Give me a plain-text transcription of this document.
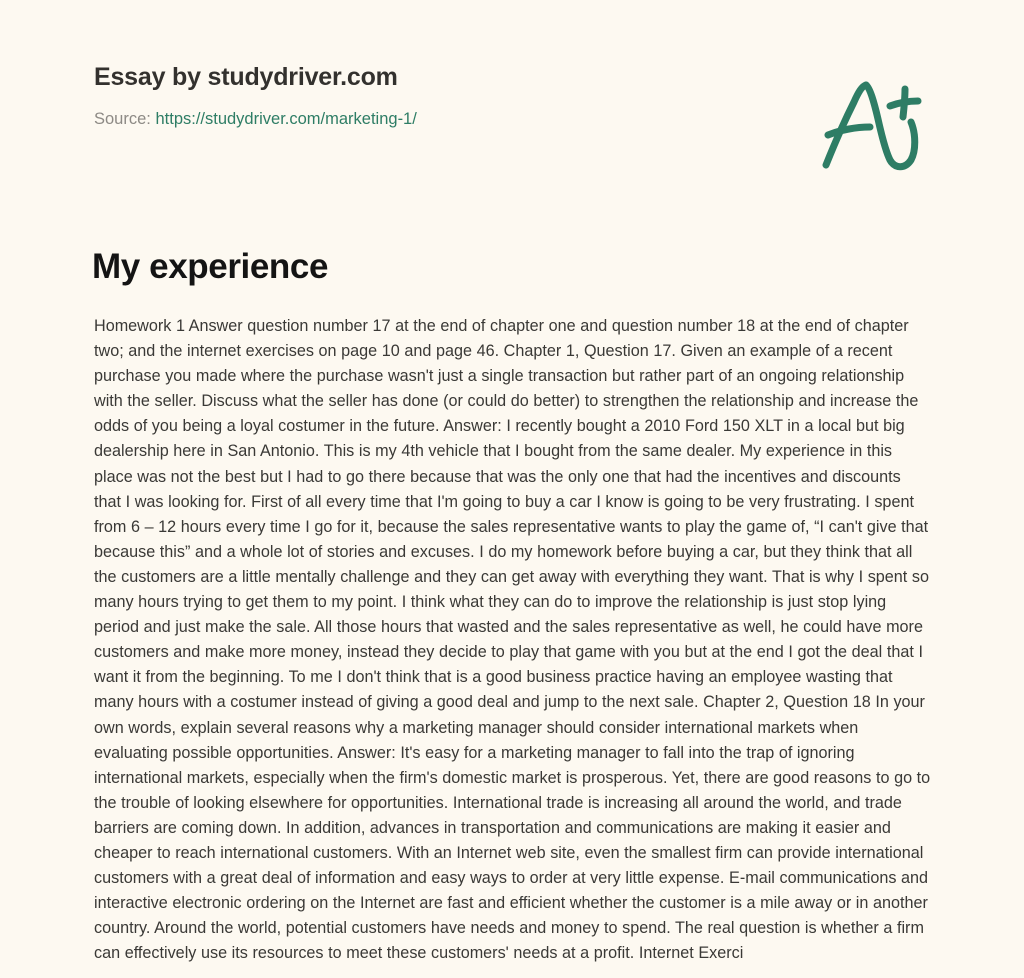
Essay by studydriver.com
Source: https://studydriver.com/marketing-1/
My experience
Homework 1 Answer question number 17 at the end of chapter one and question number 18 at the end of chapter two; and the internet exercises on page 10 and page 46. Chapter 1, Question 17. Given an example of a recent purchase you made where the purchase wasn't just a single transaction but rather part of an ongoing relationship with the seller. Discuss what the seller has done (or could do better) to strengthen the relationship and increase the odds of you being a loyal costumer in the future. Answer: I recently bought a 2010 Ford 150 XLT in a local but big dealership here in San Antonio. This is my 4th vehicle that I bought from the same dealer. My experience in this place was not the best but I had to go there because that was the only one that had the incentives and discounts that I was looking for. First of all every time that I'm going to buy a car I know is going to be very frustrating. I spent from 6 – 12 hours every time I go for it, because the sales representative wants to play the game of, “I can't give that because this” and a whole lot of stories and excuses. I do my homework before buying a car, but they think that all the customers are a little mentally challenge and they can get away with everything they want. That is why I spent so many hours trying to get them to my point. I think what they can do to improve the relationship is just stop lying period and just make the sale. All those hours that wasted and the sales representative as well, he could have more customers and make more money, instead they decide to play that game with you but at the end I got the deal that I want it from the beginning. To me I don't think that is a good business practice having an employee wasting that many hours with a costumer instead of giving a good deal and jump to the next sale. Chapter 2, Question 18 In your own words, explain several reasons why a marketing manager should consider international markets when evaluating possible opportunities. Answer: It's easy for a marketing manager to fall into the trap of ignoring international markets, especially when the firm's domestic market is prosperous. Yet, there are good reasons to go to the trouble of looking elsewhere for opportunities. International trade is increasing all around the world, and trade barriers are coming down. In addition, advances in transportation and communications are making it easier and cheaper to reach international customers. With an Internet web site, even the smallest firm can provide international customers with a great deal of information and easy ways to order at very little expense. E-mail communications and interactive electronic ordering on the Internet are fast and efficient whether the customer is a mile away or in another country. Around the world, potential customers have needs and money to spend. The real question is whether a firm can effectively use its resources to meet these customers' needs at a profit. Internet Exerci
